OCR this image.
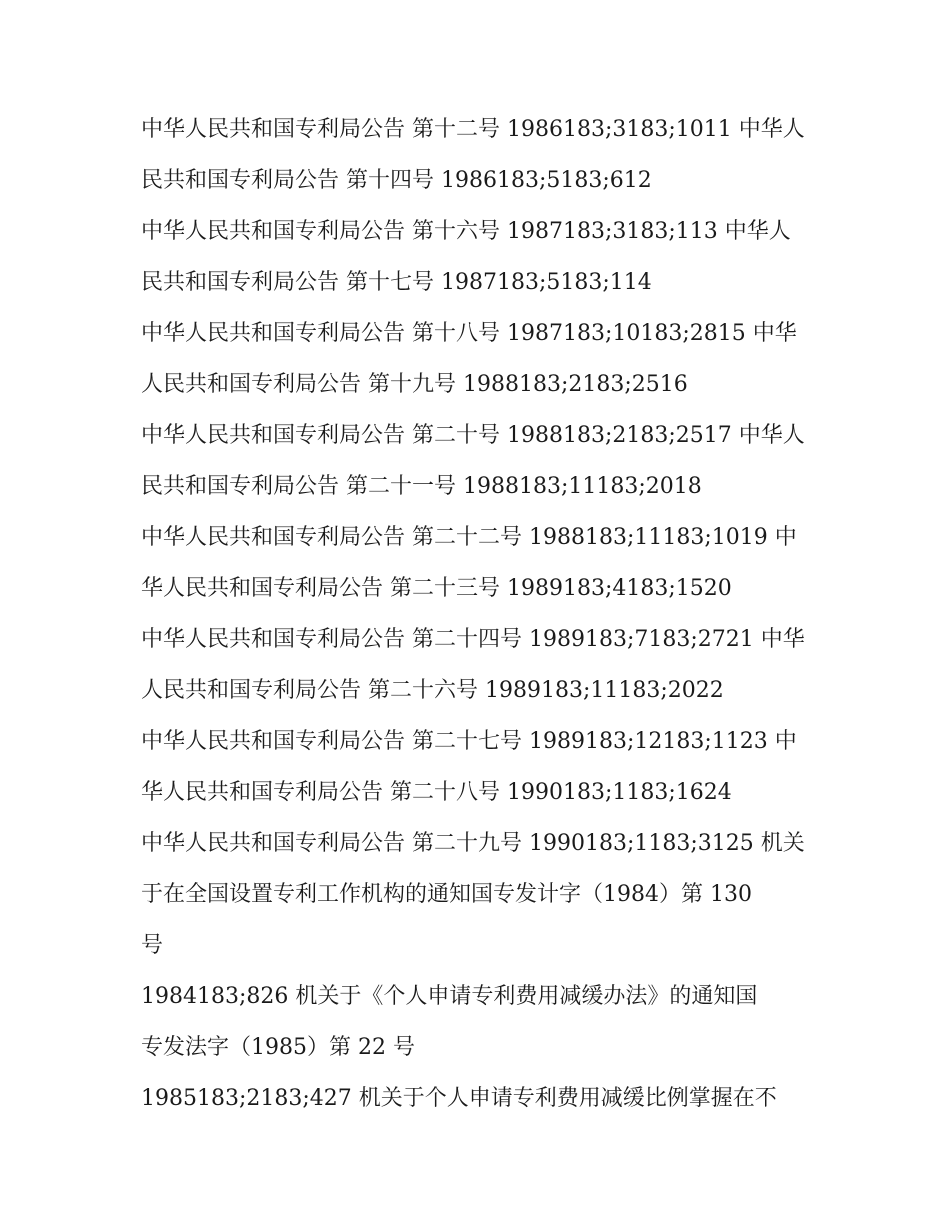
中华人民共和国专利局公告 第十二号 1986183;3183;1011 中华人
民共和国专利局公告 第十四号 1986183;5183;612
中华人民共和国专利局公告 第十六号 1987183;3183;113 中华人
民共和国专利局公告 第十七号 1987183;5183;114
中华人民共和国专利局公告 第十八号 1987183;10183;2815 中华
人民共和国专利局公告 第十九号 1988183;2183;2516
中华人民共和国专利局公告 第二十号 1988183;2183;2517 中华人
民共和国专利局公告 第二十一号 1988183;11183;2018
中华人民共和国专利局公告 第二十二号 1988183;11183;1019 中
华人民共和国专利局公告 第二十三号 1989183;4183;1520
中华人民共和国专利局公告 第二十四号 1989183;7183;2721 中华
人民共和国专利局公告 第二十六号 1989183;11183;2022
中华人民共和国专利局公告 第二十七号 1989183;12183;1123 中
华人民共和国专利局公告 第二十八号 1990183;1183;1624
中华人民共和国专利局公告 第二十九号 1990183;1183;3125 机关
于在全国设置专利工作机构的通知国专发计字（1984）第 130
号
1984183;826 机关于《个人申请专利费用减缓办法》的通知国
专发法字（1985）第 22 号
1985183;2183;427 机关于个人申请专利费用减缓比例掌握在不
